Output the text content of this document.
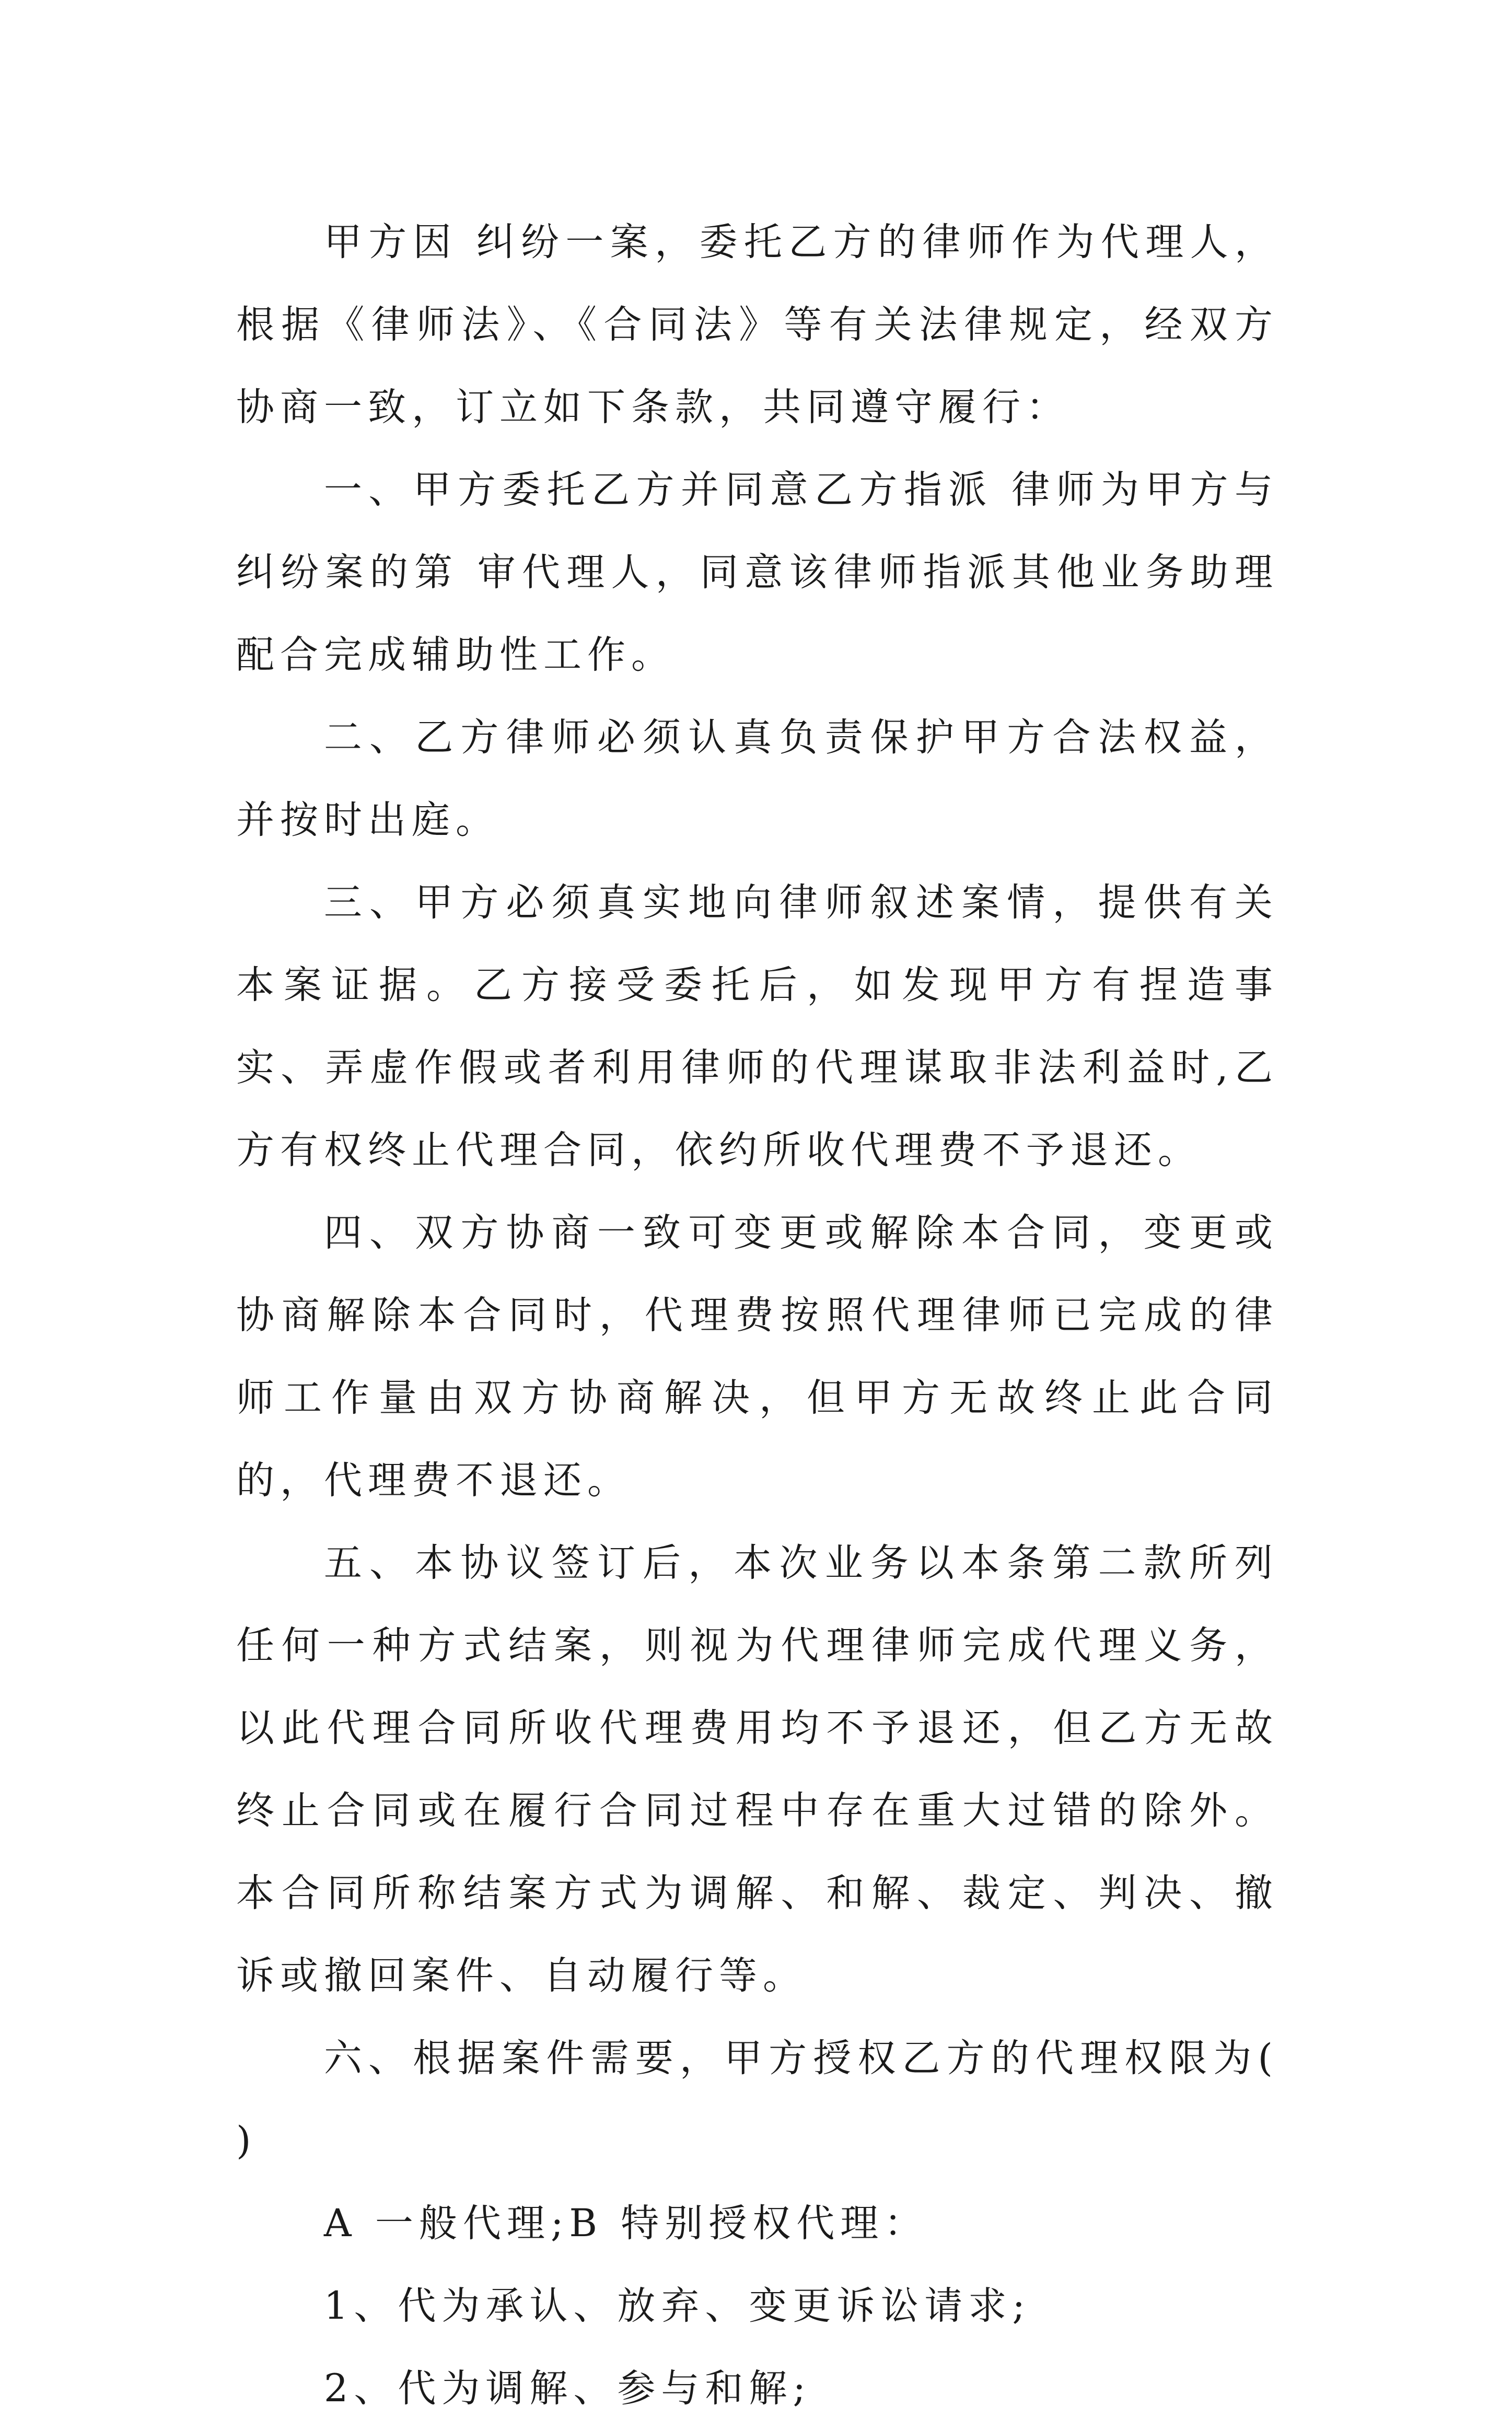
甲方因 纠纷一案，委托乙方的律师作为代理人，根据《律师法》、《合同法》等有关法律规定，经双方协商一致，订立如下条款，共同遵守履行：

一、甲方委托乙方并同意乙方指派 律师为甲方与 纠纷案的第 审代理人，同意该律师指派其他业务助理配合完成辅助性工作。

二、乙方律师必须认真负责保护甲方合法权益，并按时出庭。

三、甲方必须真实地向律师叙述案情，提供有关本案证据。乙方接受委托后，如发现甲方有捏造事实、弄虚作假或者利用律师的代理谋取非法利益时,乙方有权终止代理合同，依约所收代理费不予退还。

四、双方协商一致可变更或解除本合同，变更或协商解除本合同时，代理费按照代理律师已完成的律师工作量由双方协商解决，但甲方无故终止此合同的，代理费不退还。

五、本协议签订后，本次业务以本条第二款所列任何一种方式结案，则视为代理律师完成代理义务，以此代理合同所收代理费用均不予退还，但乙方无故终止合同或在履行合同过程中存在重大过错的除外。本合同所称结案方式为调解、和解、裁定、判决、撤诉或撤回案件、自动履行等。

六、根据案件需要，甲方授权乙方的代理权限为( )

A 一般代理;B 特别授权代理：

1、代为承认、放弃、变更诉讼请求;

2、代为调解、参与和解;
